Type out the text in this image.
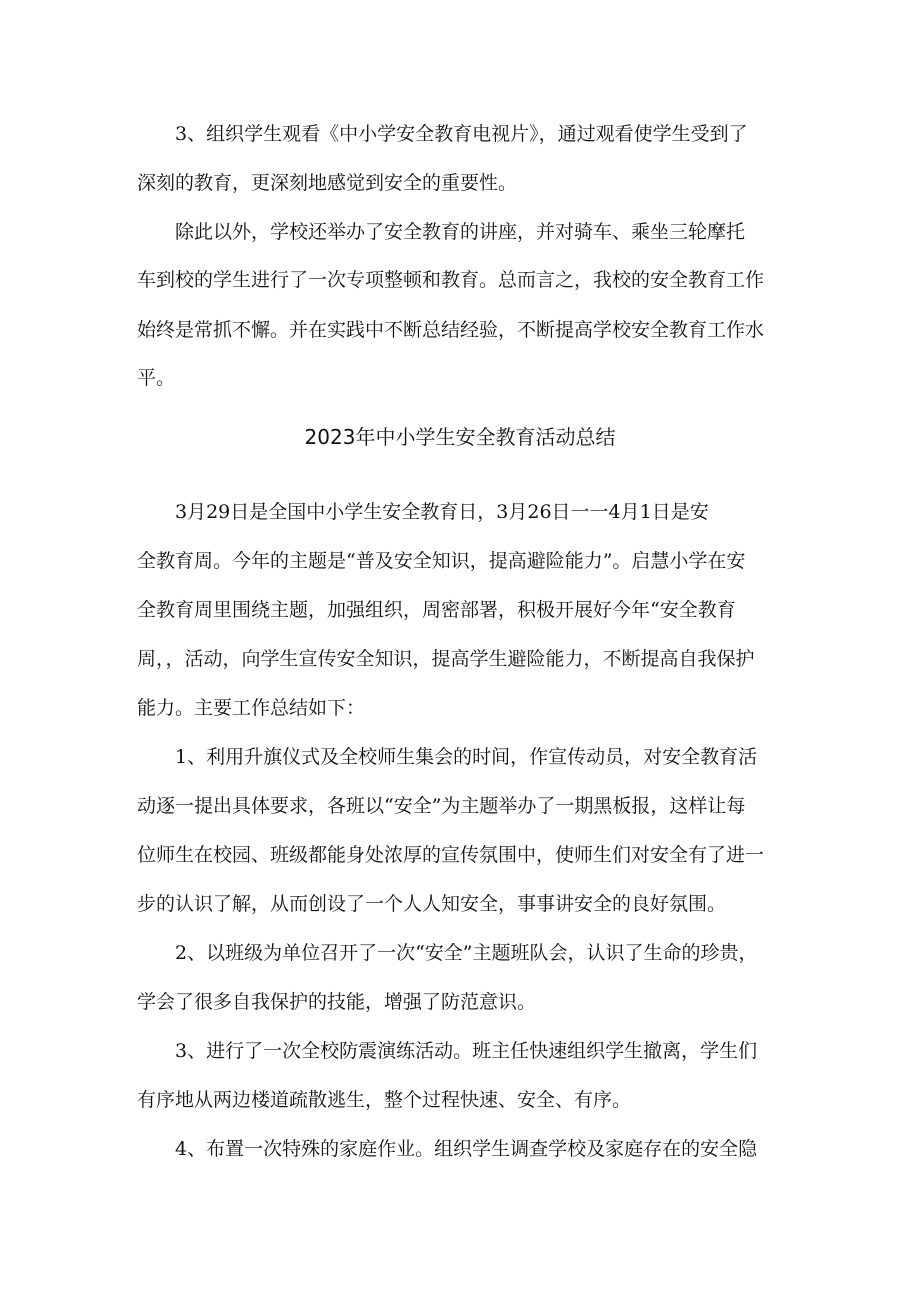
　　3、组织学生观看《中小学安全教育电视片》，通过观看使学生受到了
深刻的教育，更深刻地感觉到安全的重要性。
　　除此以外，学校还举办了安全教育的讲座，并对骑车、乘坐三轮摩托
车到校的学生进行了一次专项整顿和教育。总而言之，我校的安全教育工作
始终是常抓不懈。并在实践中不断总结经验，不断提高学校安全教育工作水
平。
2023年中小学生安全教育活动总结
　　3月29日是全国中小学生安全教育日，3月26日一一4月1日是安
全教育周。今年的主题是“普及安全知识，提高避险能力”。启慧小学在安
全教育周里围绕主题，加强组织，周密部署，积极开展好今年“安全教育
周，，活动，向学生宣传安全知识，提高学生避险能力，不断提高自我保护
能力。主要工作总结如下：
　　1、利用升旗仪式及全校师生集会的时间，作宣传动员，对安全教育活
动逐一提出具体要求，各班以“安全”为主题举办了一期黑板报，这样让每
位师生在校园、班级都能身处浓厚的宣传氛围中，使师生们对安全有了进一
步的认识了解，从而创设了一个人人知安全，事事讲安全的良好氛围。
　　2、以班级为单位召开了一次“安全”主题班队会，认识了生命的珍贵，
学会了很多自我保护的技能，增强了防范意识。
　　3、进行了一次全校防震演练活动。班主任快速组织学生撤离，学生们
有序地从两边楼道疏散逃生，整个过程快速、安全、有序。
　　4、布置一次特殊的家庭作业。组织学生调查学校及家庭存在的安全隐
